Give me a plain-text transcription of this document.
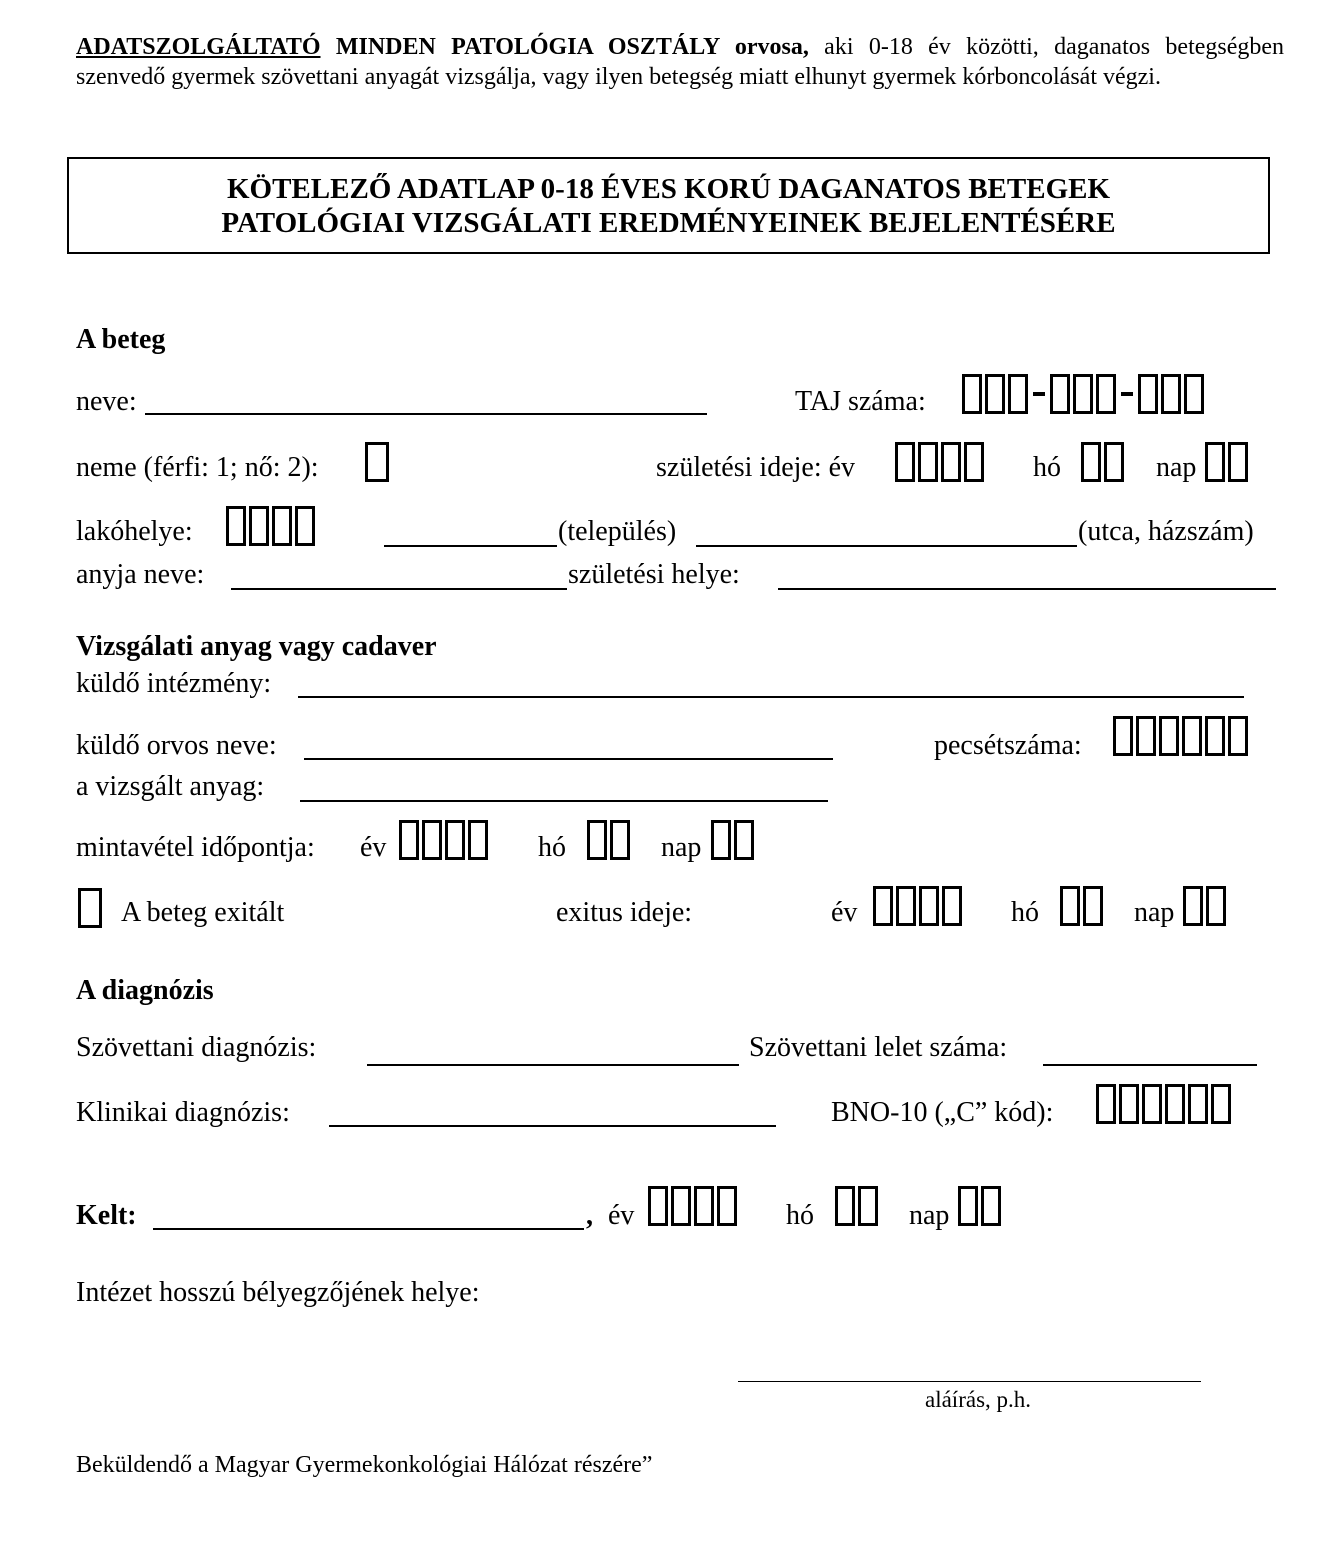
ADATSZOLGÁLTATÓ MINDEN PATOLÓGIA OSZTÁLY orvosa, aki 0-18 év közötti, daganatos betegségben szenvedő gyermek szövettani anyagát vizsgálja, vagy ilyen betegség miatt elhunyt gyermek kórboncolását végzi.
KÖTELEZŐ ADATLAP 0-18 ÉVES KORÚ DAGANATOS BETEGEK
PATOLÓGIAI VIZSGÁLATI EREDMÉNYEINEK BEJELENTÉSÉRE
A beteg
neve:	TAJ száma:
neme (férfi: 1; nő: 2):	születési ideje: év	hó	nap
lakóhelye:	(település)	(utca, házszám)
anyja neve:	születési helye:
Vizsgálati anyag vagy cadaver
küldő intézmény:
küldő orvos neve:	pecsétszáma:
a vizsgált anyag:
mintavétel időpontja: év	hó	nap
A beteg exitált	exitus ideje:	év	hó	nap
A diagnózis
Szövettani diagnózis:	Szövettani lelet száma:
Klinikai diagnózis:	BNO-10 („C” kód):
Kelt:	, év	hó	nap
Intézet hosszú bélyegzőjének helye:
aláírás, p.h.
Beküldendő a Magyar Gyermekonkológiai Hálózat részére”
